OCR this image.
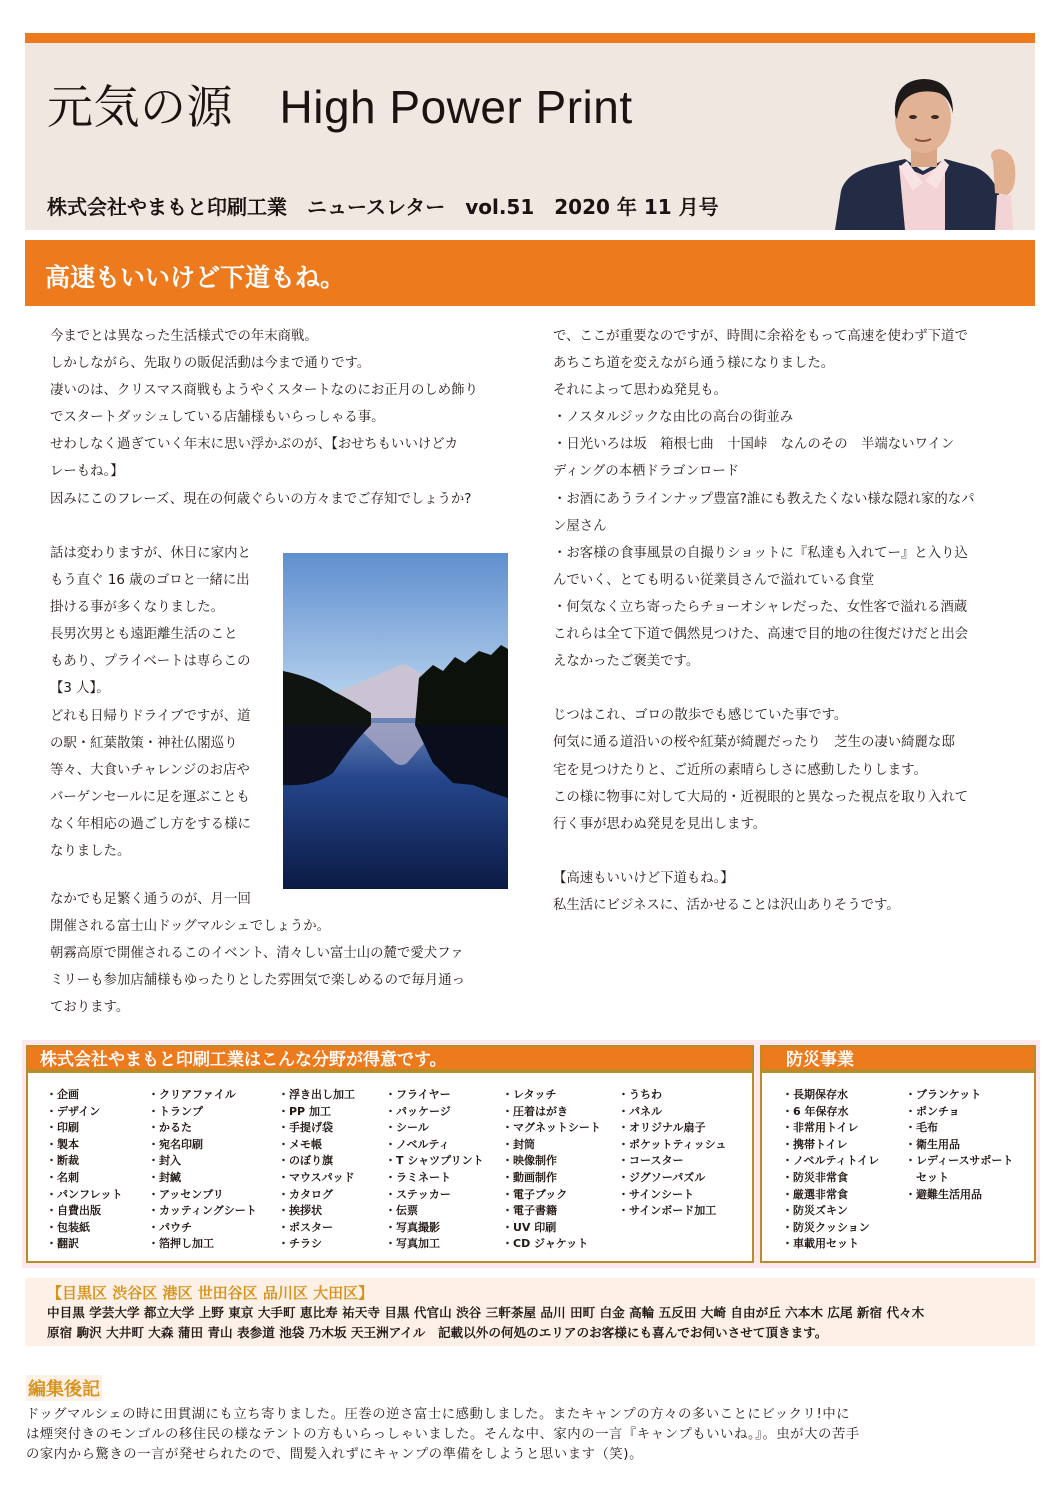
元気の源　High Power Print
株式会社やまもと印刷工業　ニュースレター　vol.51　2020 年 11 月号
高速もいいけど下道もね。

今までとは異なった生活様式での年末商戦。

しかしながら、先取りの販促活動は今まで通りです。

凄いのは、クリスマス商戦もようやくスタートなのにお正月のしめ飾り

でスタートダッシュしている店舗様もいらっしゃる事。

せわしなく過ぎていく年末に思い浮かぶのが、【おせちもいいけどカ

レーもね。】

因みにこのフレーズ、現在の何歳ぐらいの方々までご存知でしょうか?

話は変わりますが、休日に家内と

もう直ぐ 16 歳のゴロと一緒に出

掛ける事が多くなりました。

長男次男とも遠距離生活のこと

もあり、プライベートは専らこの

【3 人】。

どれも日帰りドライブですが、道

の駅・紅葉散策・神社仏閣巡り

等々、大食いチャレンジのお店や

バーゲンセールに足を運ぶことも

なく年相応の過ごし方をする様に

なりました。

なかでも足繁く通うのが、月一回

開催される富士山ドッグマルシェでしょうか。

朝霧高原で開催されるこのイベント、清々しい富士山の麓で愛犬ファ

ミリーも参加店舗様もゆったりとした雰囲気で楽しめるので毎月通っ

ております。

で、ここが重要なのですが、時間に余裕をもって高速を使わず下道で

あちこち道を変えながら通う様になりました。

それによって思わぬ発見も。

・ノスタルジックな由比の高台の街並み

・日光いろは坂　箱根七曲　十国峠　なんのその　半端ないワイン

ディングの本栖ドラゴンロード

・お酒にあうラインナップ豊富?誰にも教えたくない様な隠れ家的なパ

ン屋さん

・お客様の食事風景の自撮りショットに『私達も入れてー』と入り込

んでいく、とても明るい従業員さんで溢れている食堂

・何気なく立ち寄ったらチョーオシャレだった、女性客で溢れる酒蔵

これらは全て下道で偶然見つけた、高速で目的地の往復だけだと出会

えなかったご褒美です。

じつはこれ、ゴロの散歩でも感じていた事です。

何気に通る道沿いの桜や紅葉が綺麗だったり　芝生の凄い綺麗な邸

宅を見つけたりと、ご近所の素晴らしさに感動したりします。

この様に物事に対して大局的・近視眼的と異なった視点を取り入れて

行く事が思わぬ発見を見出します。

【高速もいいけど下道もね。】

私生活にビジネスに、活かせることは沢山ありそうです。

株式会社やまもと印刷工業はこんな分野が得意です。
・企画
・デザイン
・印刷
・製本
・断裁
・名刺
・パンフレット
・自費出版
・包装紙
・翻訳
・クリアファイル
・トランプ
・かるた
・宛名印刷
・封入
・封緘
・アッセンブリ
・カッティングシート
・パウチ
・箔押し加工
・浮き出し加工
・PP 加工
・手提げ袋
・メモ帳
・のぼり旗
・マウスパッド
・カタログ
・挨拶状
・ポスター
・チラシ
・フライヤー
・パッケージ
・シール
・ノベルティ
・T シャツプリント
・ラミネート
・ステッカー
・伝票
・写真撮影
・写真加工
・レタッチ
・圧着はがき
・マグネットシート
・封筒
・映像制作
・動画制作
・電子ブック
・電子書籍
・UV 印刷
・CD ジャケット
・うちわ
・パネル
・オリジナル扇子
・ポケットティッシュ
・コースター
・ジグソーパズル
・サインシート
・サインボード加工
防災事業
・長期保存水
・6 年保存水
・非常用トイレ
・携帯トイレ
・ノベルティトイレ
・防災非常食
・厳選非常食
・防災ズキン
・防災クッション
・車載用セット
・ブランケット
・ポンチョ
・毛布
・衛生用品
・レディースサポート
　セット
・避難生活用品
【目黒区 渋谷区 港区 世田谷区 品川区 大田区】
中目黒 学芸大学 都立大学 上野 東京 大手町 恵比寿 祐天寺 目黒 代官山 渋谷 三軒茶屋 品川 田町 白金 高輪 五反田 大崎 自由が丘 六本木 広尾 新宿 代々木
原宿 駒沢 大井町 大森 蒲田 青山 表参道 池袋 乃木坂 天王洲アイル　記載以外の何処のエリアのお客様にも喜んでお伺いさせて頂きます。
編集後記

ドッグマルシェの時に田貫湖にも立ち寄りました。圧巻の逆さ富士に感動しました。またキャンプの方々の多いことにビックリ!中に

は煙突付きのモンゴルの移住民の様なテントの方もいらっしゃいました。そんな中、家内の一言『キャンプもいいね。』。虫が大の苦手

の家内から驚きの一言が発せられたので、間髪入れずにキャンプの準備をしようと思います（笑)。
